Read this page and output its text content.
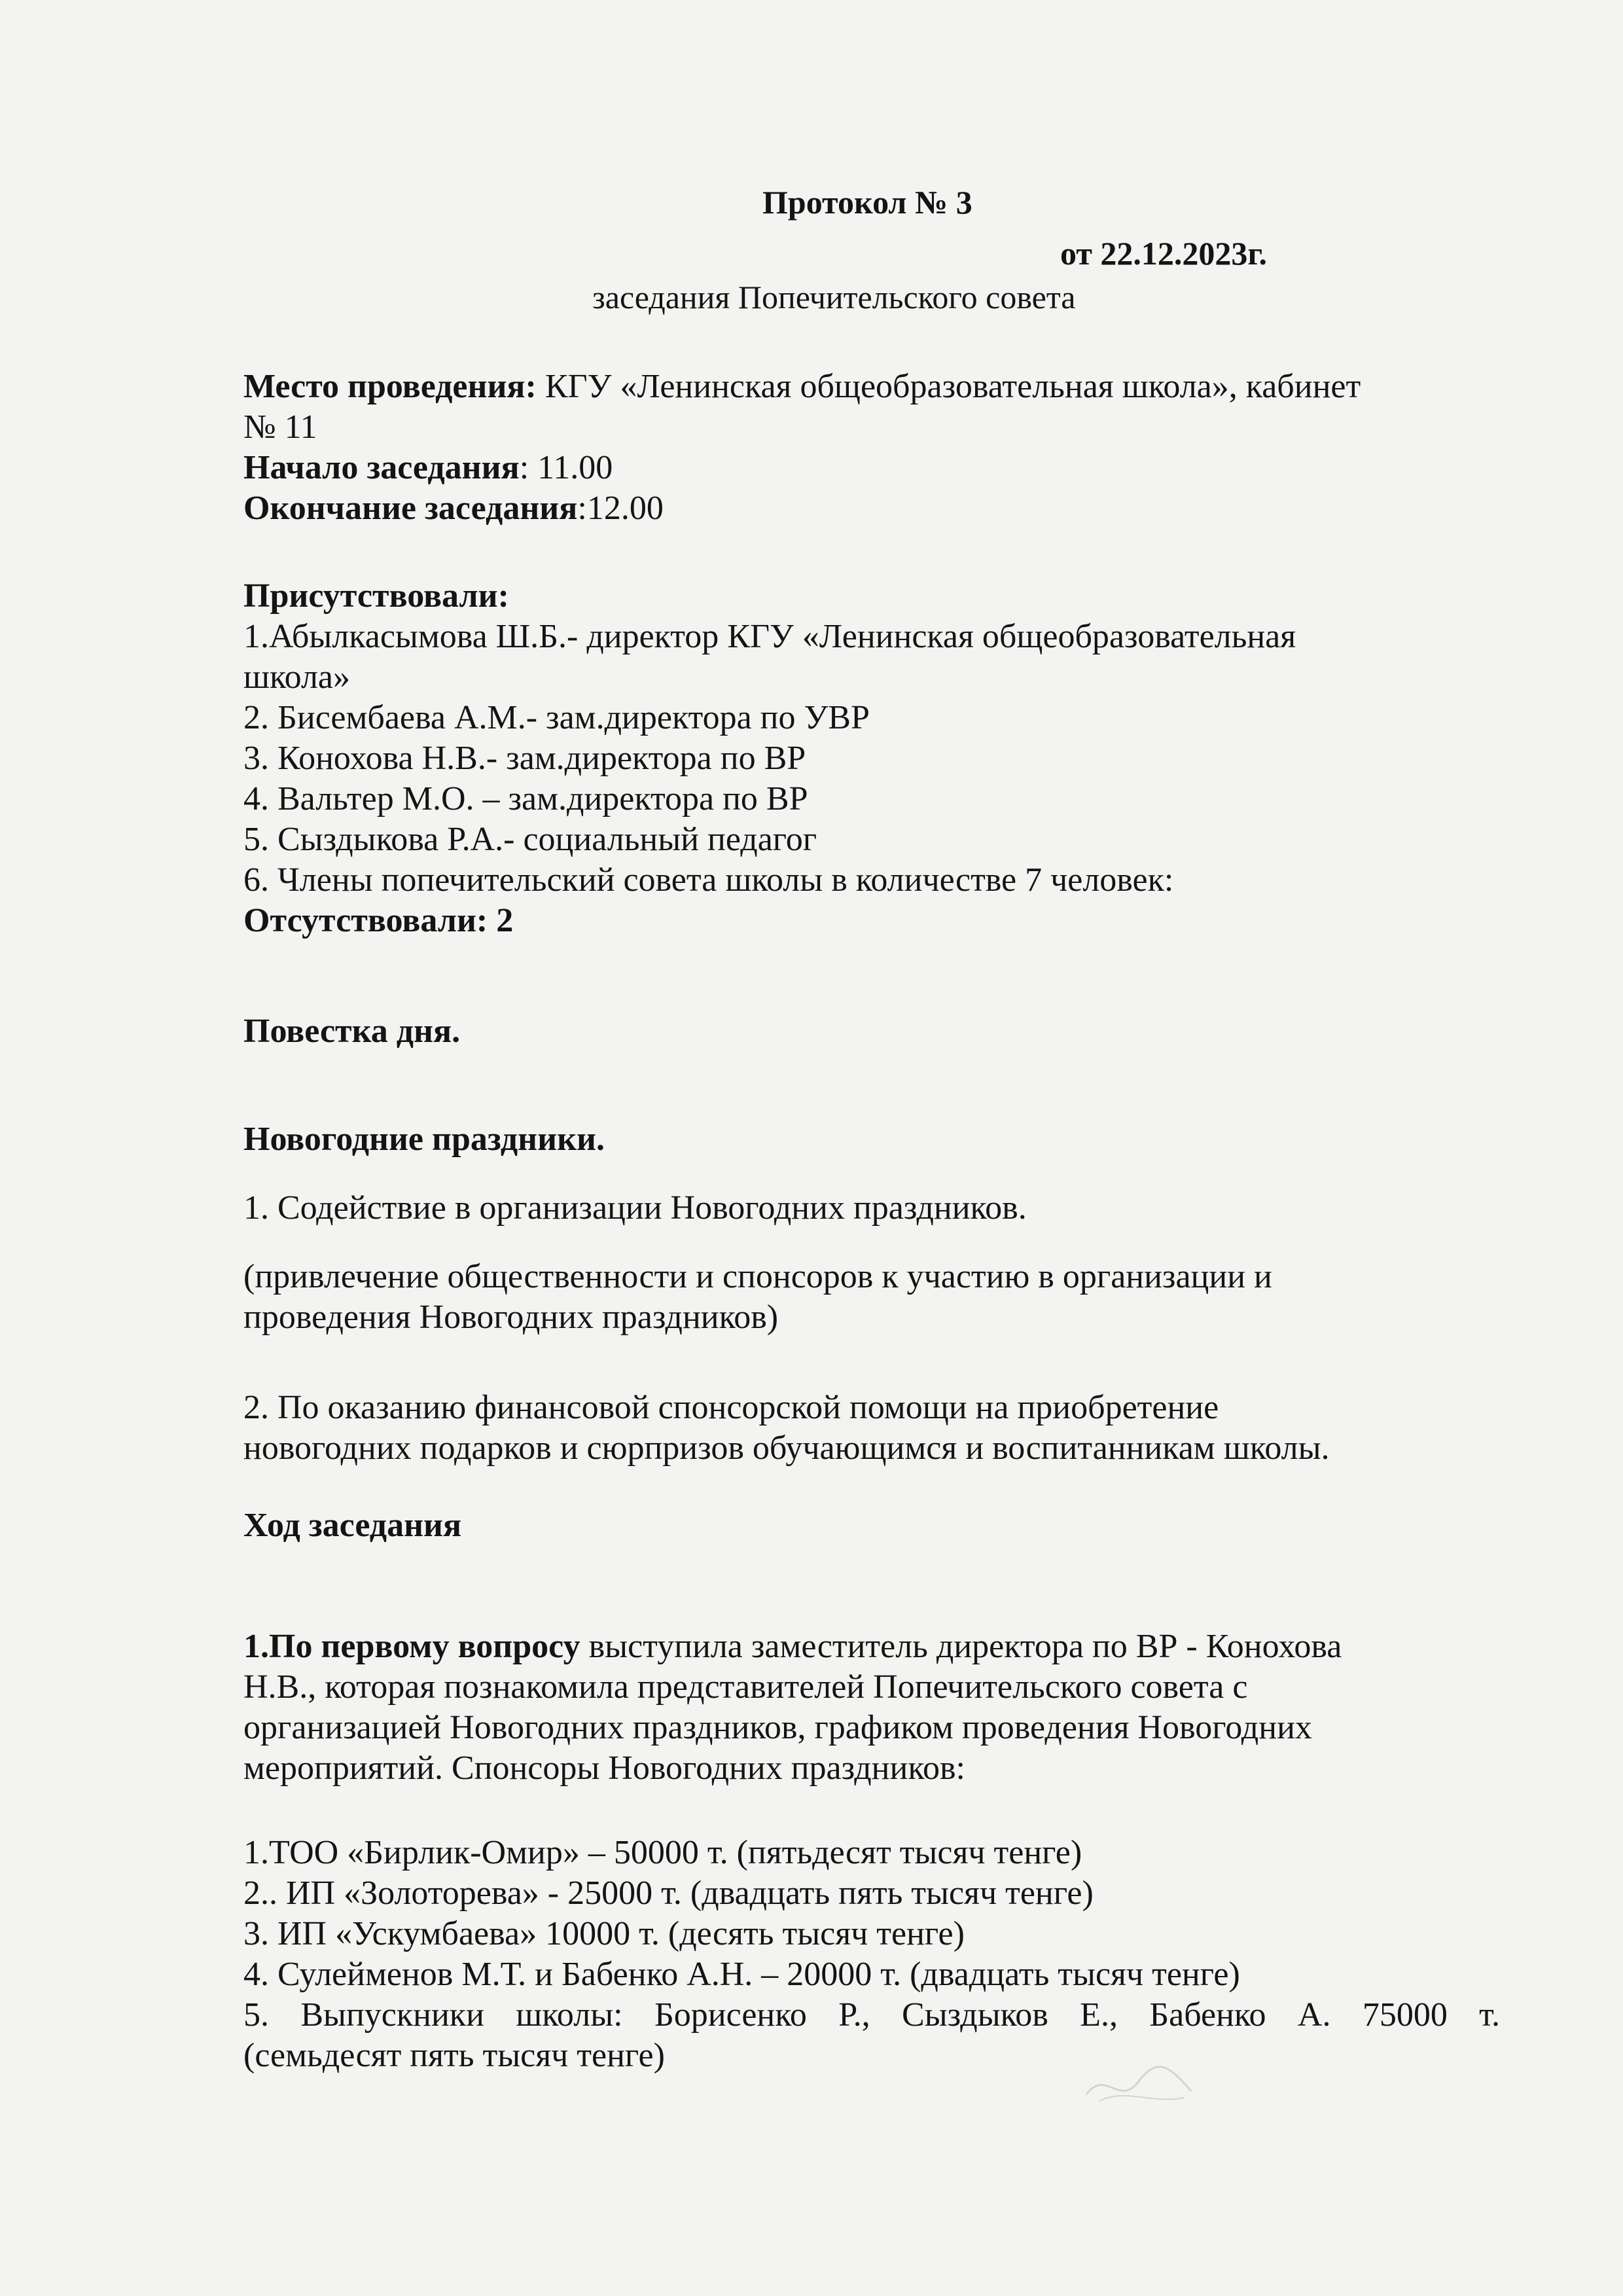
Протокол № 3
от 22.12.2023г.
заседания Попечительского совета

Место проведения: КГУ «Ленинская общеобразовательная школа», кабинет

№ 11

Начало заседания: 11.00

Окончание заседания:12.00

Присутствовали:

1.Абылкасымова Ш.Б.- директор КГУ «Ленинская общеобразовательная

школа»

2. Бисембаева А.М.- зам.директора по УВР

3. Конохова Н.В.- зам.директора по ВР

4. Вальтер М.О. – зам.директора по ВР

5. Сыздыкова Р.А.- социальный педагог

6. Члены попечительский совета школы в количестве 7 человек:

Отсутствовали: 2

Повестка дня.

Новогодние праздники.

1. Содействие в организации Новогодних праздников.

(привлечение общественности и спонсоров к участию в организации и

проведения Новогодних праздников)

2. По оказанию финансовой спонсорской помощи на приобретение

новогодних подарков и сюрпризов обучающимся и воспитанникам школы.

Ход заседания

1.По первому вопросу выступила заместитель директора по ВР - Конохова

Н.В., которая познакомила представителей Попечительского совета с

организацией Новогодних праздников, графиком проведения Новогодних

мероприятий. Спонсоры Новогодних праздников:

1.ТОО «Бирлик-Омир» – 50000 т. (пятьдесят тысяч тенге)

2.. ИП «Золоторева» - 25000 т. (двадцать пять тысяч тенге)

3. ИП «Ускумбаева» 10000 т. (десять тысяч тенге)

4. Сулейменов М.Т. и Бабенко А.Н. – 20000 т. (двадцать тысяч тенге)

5. Выпускники школы: Борисенко Р., Сыздыков Е., Бабенко А. 75000 т.

(семьдесят пять тысяч тенге)
